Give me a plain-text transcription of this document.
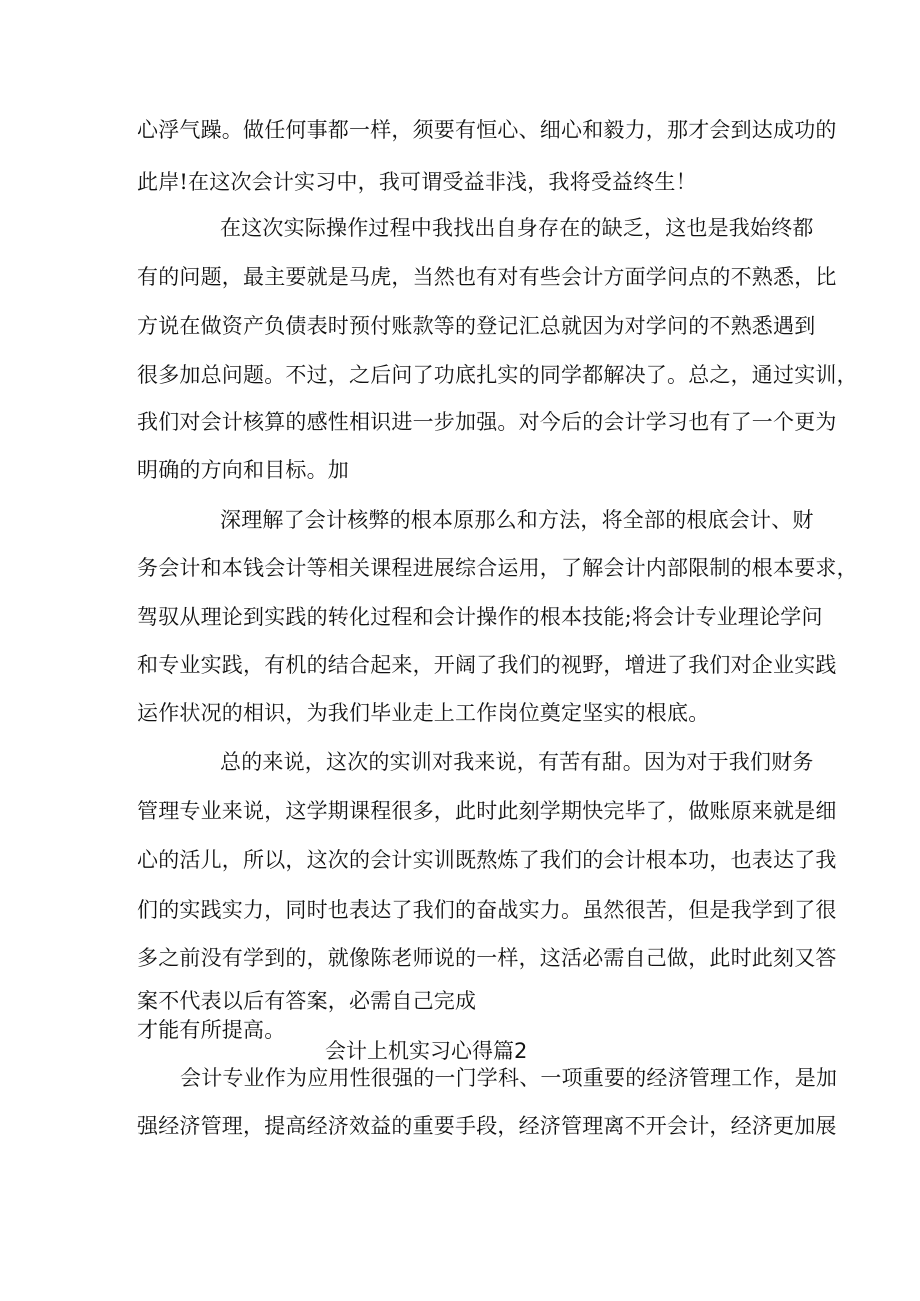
心浮气躁。做任何事都一样，须要有恒心、细心和毅力，那才会到达成功的

此岸!在这次会计实习中，我可谓受益非浅，我将受益终生！

在这次实际操作过程中我找出自身存在的缺乏，这也是我始终都

有的问题，最主要就是马虎，当然也有对有些会计方面学问点的不熟悉，比

方说在做资产负债表时预付账款等的登记汇总就因为对学问的不熟悉遇到

很多加总问题。不过，之后问了功底扎实的同学都解决了。总之，通过实训，

我们对会计核算的感性相识进一步加强。对今后的会计学习也有了一个更为

明确的方向和目标。加

深理解了会计核弊的根本原那么和方法，将全部的根底会计、财

务会计和本钱会计等相关课程进展综合运用，了解会计内部限制的根本要求，

驾驭从理论到实践的转化过程和会计操作的根本技能;将会计专业理论学问

和专业实践，有机的结合起来，开阔了我们的视野，增进了我们对企业实践

运作状况的相识，为我们毕业走上工作岗位奠定坚实的根底。

总的来说，这次的实训对我来说，有苦有甜。因为对于我们财务

管理专业来说，这学期课程很多，此时此刻学期快完毕了，做账原来就是细

心的活儿，所以，这次的会计实训既熬炼了我们的会计根本功，也表达了我

们的实践实力，同时也表达了我们的奋战实力。虽然很苦，但是我学到了很

多之前没有学到的，就像陈老师说的一样，这活必需自己做，此时此刻又答

案不代表以后有答案，必需自己完成

才能有所提高。

会计上机实习心得篇2

会计专业作为应用性很强的一门学科、一项重要的经济管理工作，是加

强经济管理，提高经济效益的重要手段，经济管理离不开会计，经济更加展
